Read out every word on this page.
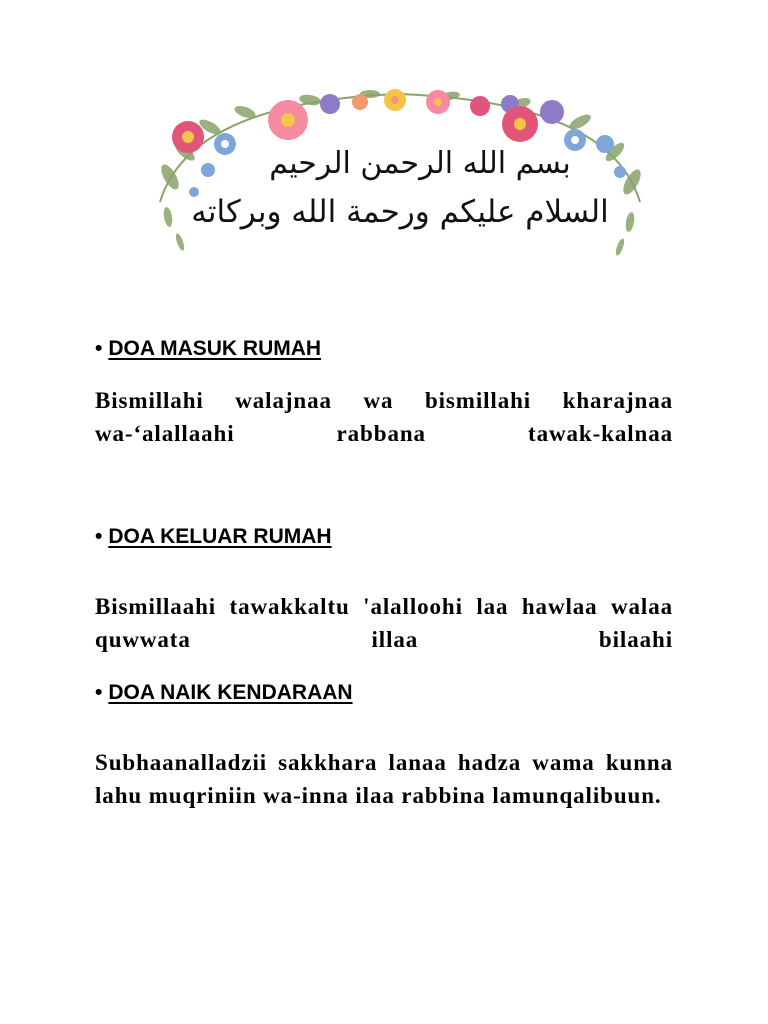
بسم الله الرحمن الرحيم
السلام عليكم ورحمة الله وبركاته
• DOA MASUK RUMAH

Bismillahi walajnaa wa bismillahi kharajnaa wa-‘alallaahi rabbana tawak-kalnaa

• DOA KELUAR RUMAH

Bismillaahi tawakkaltu 'alalloohi laa hawlaa walaa quwwata illaa bilaahi

• DOA NAIK KENDARAAN

Subhaanalladzii sakkhara lanaa hadza wama kunna lahu muqriniin wa-inna ilaa rabbina lamunqalibuun.
